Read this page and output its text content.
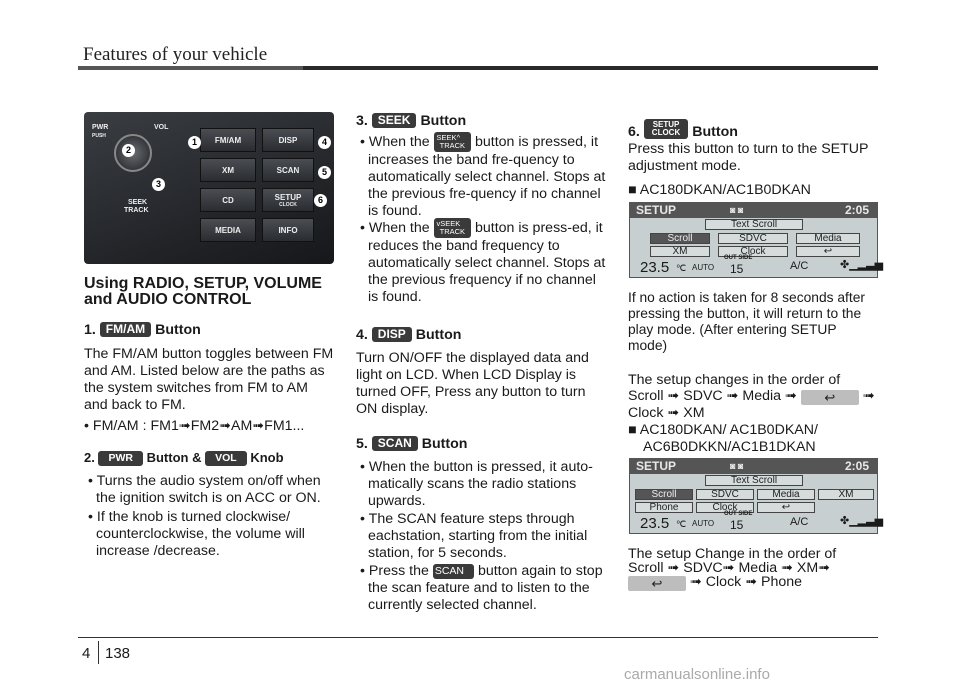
Features of your vehicle
PWR
PUSH
VOL
SEEK
TRACK
FM/AM	DISP
XM	SCAN
CD	SETUP
CLOCK
MEDIA	INFO
1
2
3
4
5
6
Using RADIO, SETUP, VOLUME and AUDIO CONTROL
1. FM/AM Button
The FM/AM button toggles between FM and AM. Listed below are the paths as the system switches from FM to AM and back to FM.
• FM/AM : FM1➟FM2➟AM➟FM1...
2. PWR Button & VOL Knob
• Turns the audio system on/off when the ignition switch is on ACC or ON.
• If the knob is turned clockwise/ counterclockwise, the volume will increase /decrease.
3. SEEK Button
• When the SEEK^
TRACK button is pressed, it increases the band fre-quency to automatically select channel. Stops at the previous fre-quency if no channel is found.
• When the vSEEK
TRACK button is press-ed, it reduces the band frequency to automatically select channel. Stops at the previous frequency if no channel is found.
4. DISP Button
Turn ON/OFF the displayed data and light on LCD. When LCD Display is turned OFF, Press any button to turn ON display.
5. SCAN Button
• When the button is pressed, it auto-matically scans the radio stations upwards.
• The SCAN feature steps through eachstation, starting from the initial station, for 5 seconds.
• Press the SCAN button again to stop the scan feature and to listen to the currently selected channel.
6. SETUP
CLOCK Button
Press this button to turn to the SETUP adjustment mode.
■ AC180DKAN/AC1B0DKAN
If no action is taken for 8 seconds after pressing the button, it will return to the play mode. (After entering SETUP mode)
The setup changes in the order of
Scroll ➟ SDVC ➟ Media ➟ ↩ ➟
Clock ➟ XM
■ AC180DKAN/ AC1B0DKAN/
AC6B0DKKN/AC1B1DKAN
The setup Change in the order of
Scroll ➟ SDVC➟ Media ➟ XM➟
↩ ➟ Clock ➟ Phone
SETUP	◙ ◙	2:05
Text Scroll
Scroll	SDVC	Media
XM	Clock	↩
23.5 ℃ AUTO
OUT SIDE
15	A/C	✤▁▂▃▅
SETUP	◙ ◙	2:05
Text Scroll
Scroll	SDVC	Media	XM
Phone	Clock	↩
23.5 ℃ AUTO
OUT SIDE
15	A/C	✤▁▂▃▅
4 138
carmanualsonline.info
